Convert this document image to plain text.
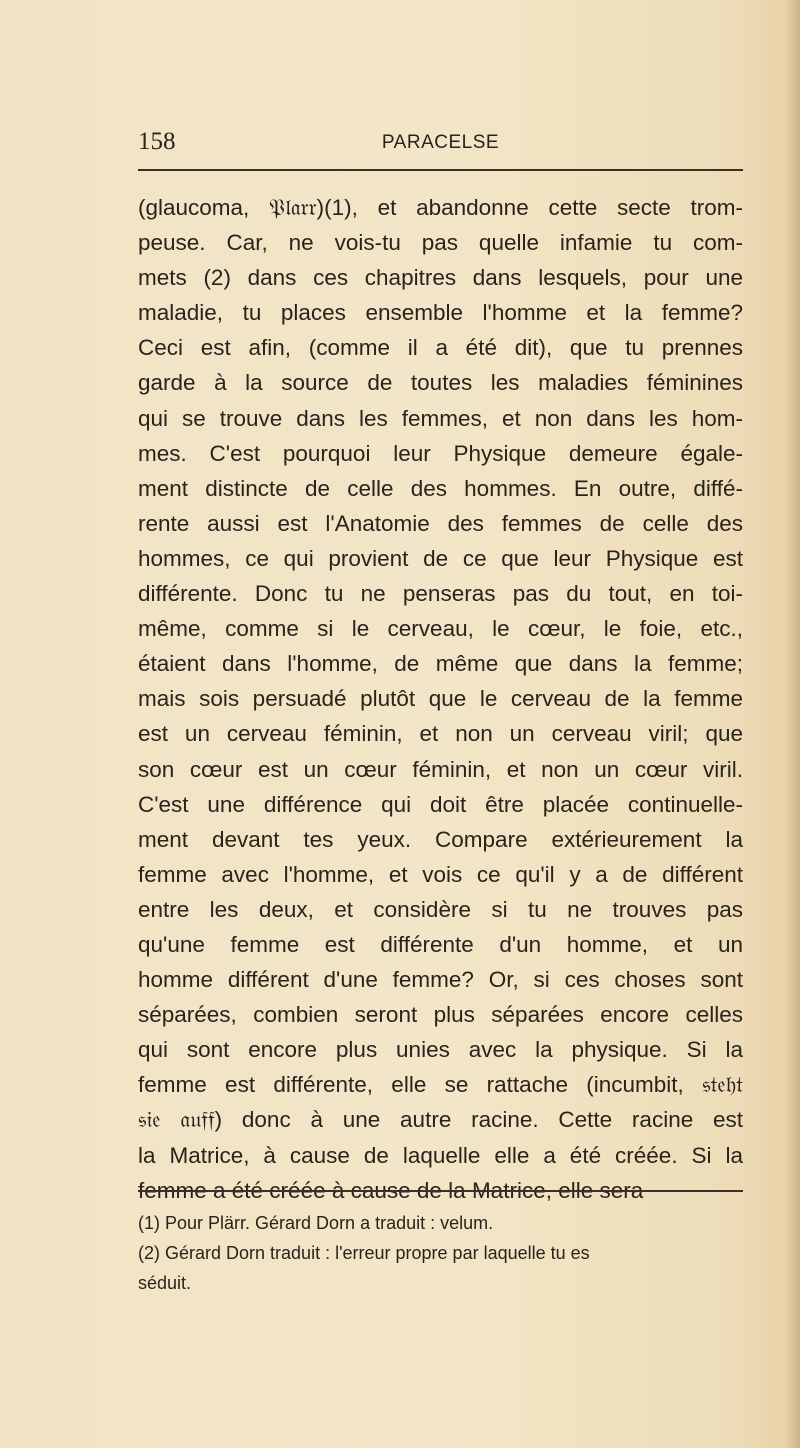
158	PARACELSE
(glaucoma, 𝔓𝔩𝔞𝔯𝔯)(1), et abandonne cette secte trom-
peuse. Car, ne vois-tu pas quelle infamie tu com-
mets (2) dans ces chapitres dans lesquels, pour une
maladie, tu places ensemble l'homme et la femme?
Ceci est afin, (comme il a été dit), que tu prennes
garde à la source de toutes les maladies féminines
qui se trouve dans les femmes, et non dans les hom-
mes. C'est pourquoi leur Physique demeure égale-
ment distincte de celle des hommes. En outre, diffé-
rente aussi est l'Anatomie des femmes de celle des
hommes, ce qui provient de ce que leur Physique est
différente. Donc tu ne penseras pas du tout, en toi-
même, comme si le cerveau, le cœur, le foie, etc.,
étaient dans l'homme, de même que dans la femme;
mais sois persuadé plutôt que le cerveau de la femme
est un cerveau féminin, et non un cerveau viril; que
son cœur est un cœur féminin, et non un cœur viril.
C'est une différence qui doit être placée continuelle-
ment devant tes yeux. Compare extérieurement la
femme avec l'homme, et vois ce qu'il y a de différent
entre les deux, et considère si tu ne trouves pas
qu'une femme est différente d'un homme, et un
homme différent d'une femme? Or, si ces choses sont
séparées, combien seront plus séparées encore celles
qui sont encore plus unies avec la physique. Si la
femme est différente, elle se rattache (incumbit, 𝔰𝔱𝔢𝔥𝔱
𝔰𝔦𝔢 𝔞𝔲𝔣𝔣) donc à une autre racine. Cette racine est
la Matrice, à cause de laquelle elle a été créée. Si la
femme a été créée à cause de la Matrice, elle sera
(1) Pour Plärr. Gérard Dorn a traduit : velum.
(2) Gérard Dorn traduit : l'erreur propre par laquelle tu es
séduit.
